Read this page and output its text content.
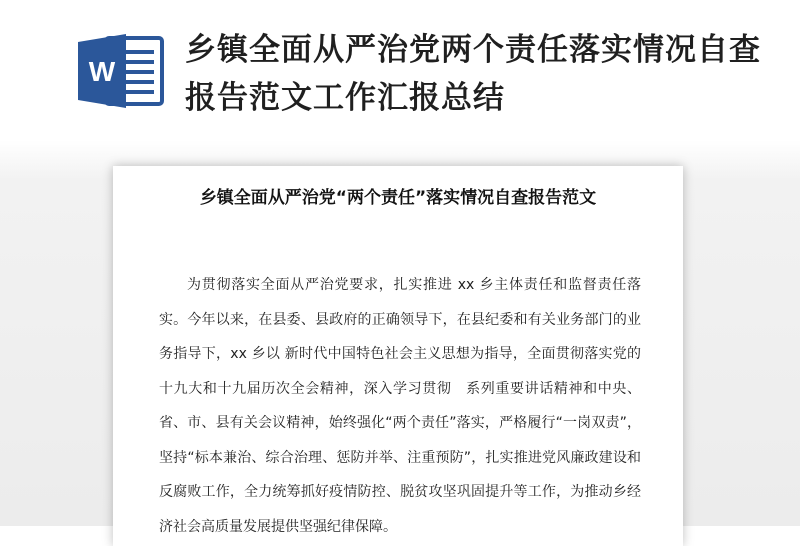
W
乡镇全面从严治党两个责任落实情况自查报告范文工作汇报总结
乡镇全面从严治党“两个责任”落实情况自查报告范文

为贯彻落实全面从严治党要求，扎实推进 xx 乡主体责任和监督责任落实。今年以来，在县委、县政府的正确领导下，在县纪委和有关业务部门的业务指导下，xx 乡以 新时代中国特色社会主义思想为指导，全面贯彻落实党的十九大和十九届历次全会精神，深入学习贯彻　系列重要讲话精神和中央、省、市、县有关会议精神，始终强化“两个责任”落实，严格履行“一岗双责”，坚持“标本兼治、综合治理、惩防并举、注重预防”，扎实推进党风廉政建设和反腐败工作，全力统筹抓好疫情防控、脱贫攻坚巩固提升等工作，为推动乡经济社会高质量发展提供坚强纪律保障。
